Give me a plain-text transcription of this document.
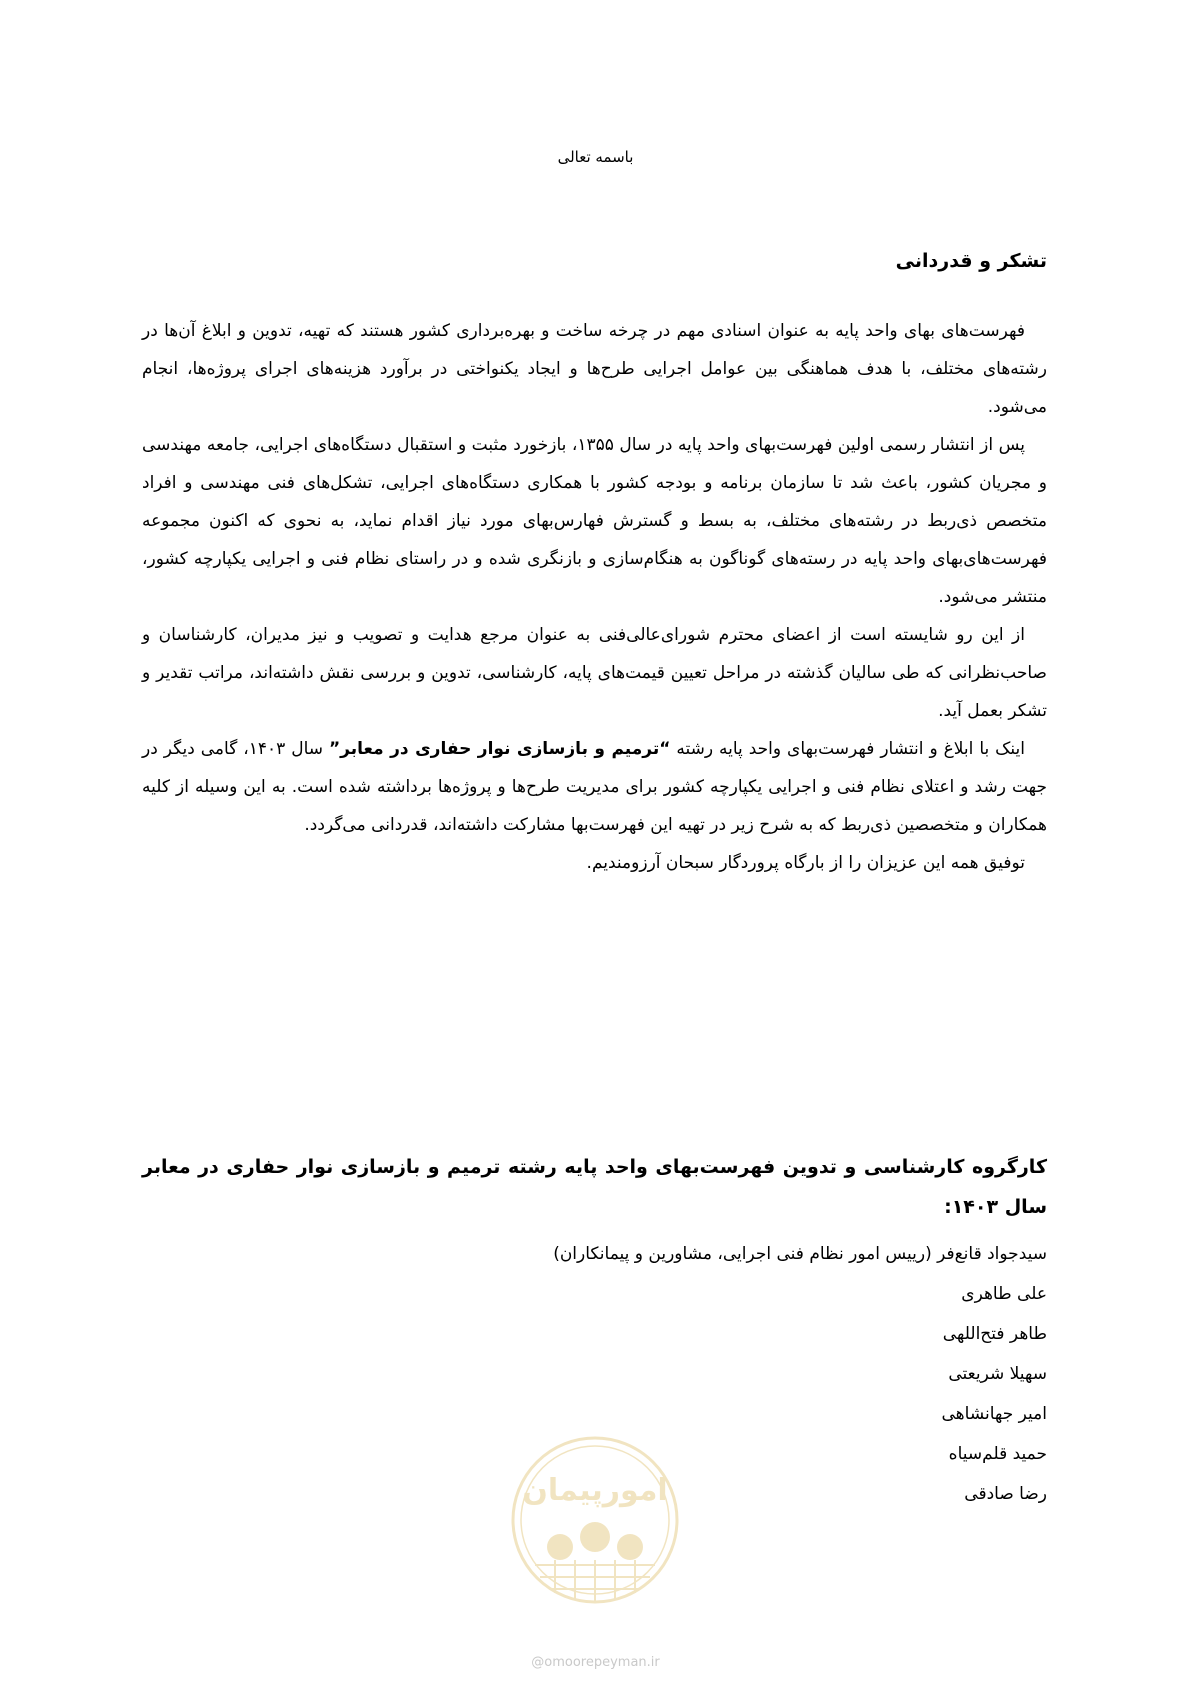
باسمه تعالی
تشکر و قدردانی

فهرست‌های بهای واحد پایه به عنوان اسنادی مهم در چرخه ساخت و بهره‌برداری کشور هستند که تهیه، تدوین و ابلاغ آن‌ها در رشته‌های مختلف، با هدف هماهنگی بین عوامل اجرایی طرح‌ها و ایجاد یکنواختی در برآورد هزینه‌های اجرای پروژه‌ها، انجام می‌شود.

پس از انتشار رسمی اولین فهرست‌بهای واحد پایه در سال ۱۳۵۵، بازخورد مثبت و استقبال دستگاه‌های اجرایی، جامعه مهندسی و مجریان کشور، باعث شد تا سازمان برنامه و بودجه کشور با همکاری دستگاه‌های اجرایی، تشکل‌های فنی مهندسی و افراد متخصص ذی‌ربط در رشته‌های مختلف، به بسط و گسترش فهارس‌بهای مورد نیاز اقدام نماید، به نحوی که اکنون مجموعه فهرست‌های‌بهای واحد پایه در رسته‌های گوناگون به هنگام‌سازی و بازنگری شده و در راستای نظام فنی و اجرایی یکپارچه کشور، منتشر می‌شود.

از این رو شایسته است از اعضای محترم شورای‌عالی‌فنی به عنوان مرجع هدایت و تصویب و نیز مدیران، کارشناسان و صاحب‌نظرانی که طی سالیان گذشته در مراحل تعیین قیمت‌های پایه، کارشناسی، تدوین و بررسی نقش داشته‌اند، مراتب تقدیر و تشکر بعمل آید.

اینک با ابلاغ و انتشار فهرست‌بهای واحد پایه رشته “ترمیم و بازسازی نوار حفاری در معابر” سال ۱۴۰۳، گامی دیگر در جهت رشد و اعتلای نظام فنی و اجرایی یکپارچه کشور برای مدیریت طرح‌ها و پروژه‌ها برداشته شده است. به این وسیله از کلیه همکاران و متخصصین ذی‌ربط که به شرح زیر در تهیه این فهرست‌بها مشارکت داشته‌اند، قدردانی می‌گردد.

توفیق همه این عزیزان را از بارگاه پروردگار سبحان آرزومندیم.

کارگروه کارشناسی و تدوین فهرست‌بهای واحد پایه رشته ترمیم و بازسازی نوار حفاری در معابر سال ۱۴۰۳:
سیدجواد قانع‌فر (رییس امور نظام فنی اجرایی، مشاورین و پیمانکاران)
علی طاهری
طاهر فتح‌اللهی
سهیلا شریعتی
امیر جهانشاهی
حمید قلم‌سیاه
رضا صادقی
امورپیمان
@omoorepeyman.ir
